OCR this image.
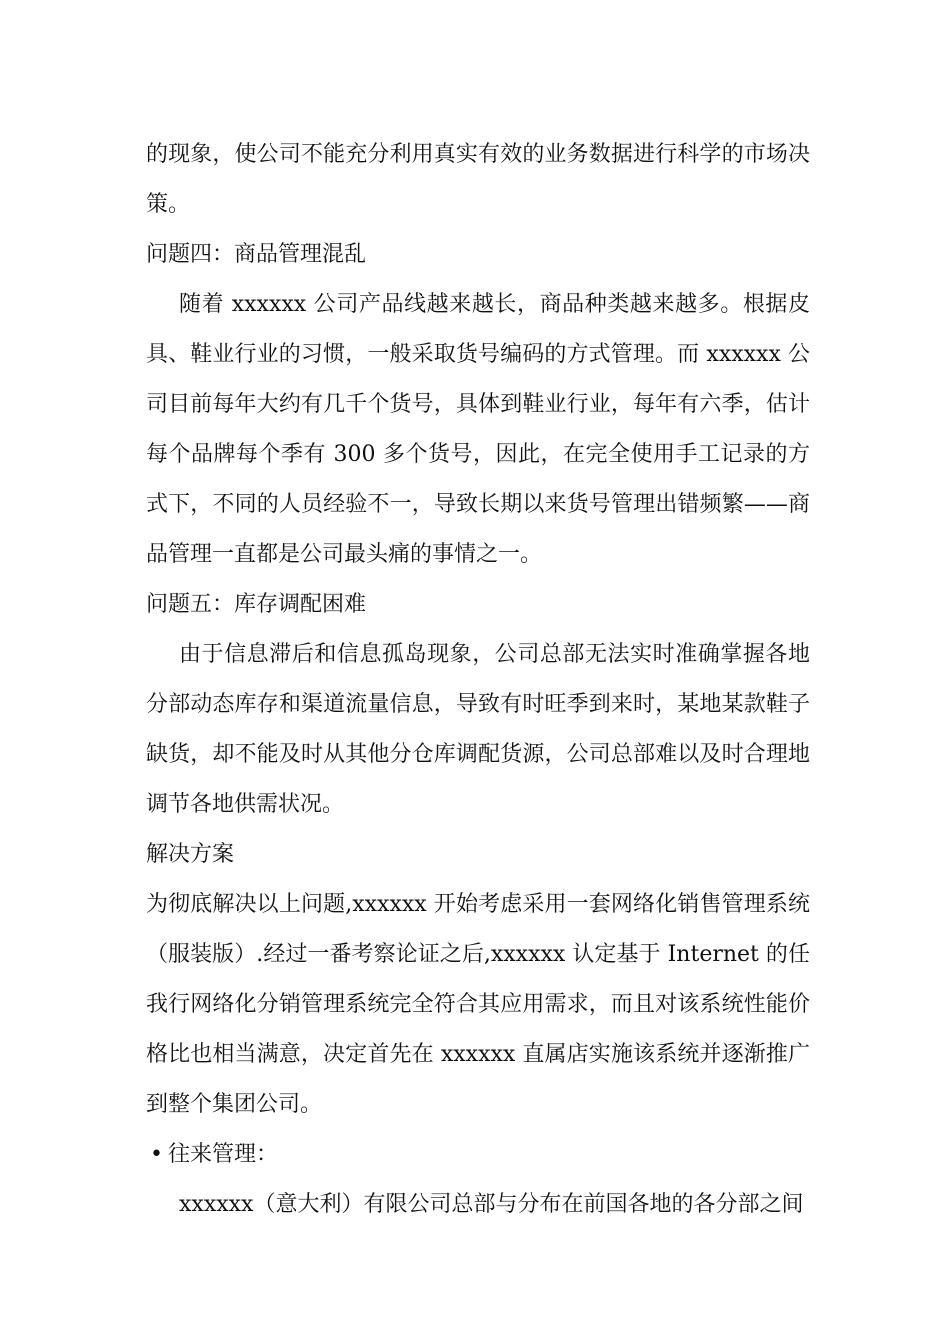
的现象，使公司不能充分利用真实有效的业务数据进行科学的市场决策。

问题四：商品管理混乱

随着 xxxxxx 公司产品线越来越长，商品种类越来越多。根据皮具、鞋业行业的习惯，一般采取货号编码的方式管理。而 xxxxxx 公司目前每年大约有几千个货号，具体到鞋业行业，每年有六季，估计每个品牌每个季有 300 多个货号，因此，在完全使用手工记录的方式下，不同的人员经验不一，导致长期以来货号管理出错频繁——商品管理一直都是公司最头痛的事情之一。

问题五：库存调配困难

由于信息滞后和信息孤岛现象，公司总部无法实时准确掌握各地分部动态库存和渠道流量信息，导致有时旺季到来时，某地某款鞋子缺货，却不能及时从其他分仓库调配货源，公司总部难以及时合理地调节各地供需状况。

解决方案

为彻底解决以上问题,xxxxxx 开始考虑采用一套网络化销售管理系统（服装版）.经过一番考察论证之后,xxxxxx 认定基于 Internet 的任我行网络化分销管理系统完全符合其应用需求，而且对该系统性能价格比也相当满意，决定首先在 xxxxxx 直属店实施该系统并逐渐推广到整个集团公司。

• 往来管理：

xxxxxx（意大利）有限公司总部与分布在前国各地的各分部之间
